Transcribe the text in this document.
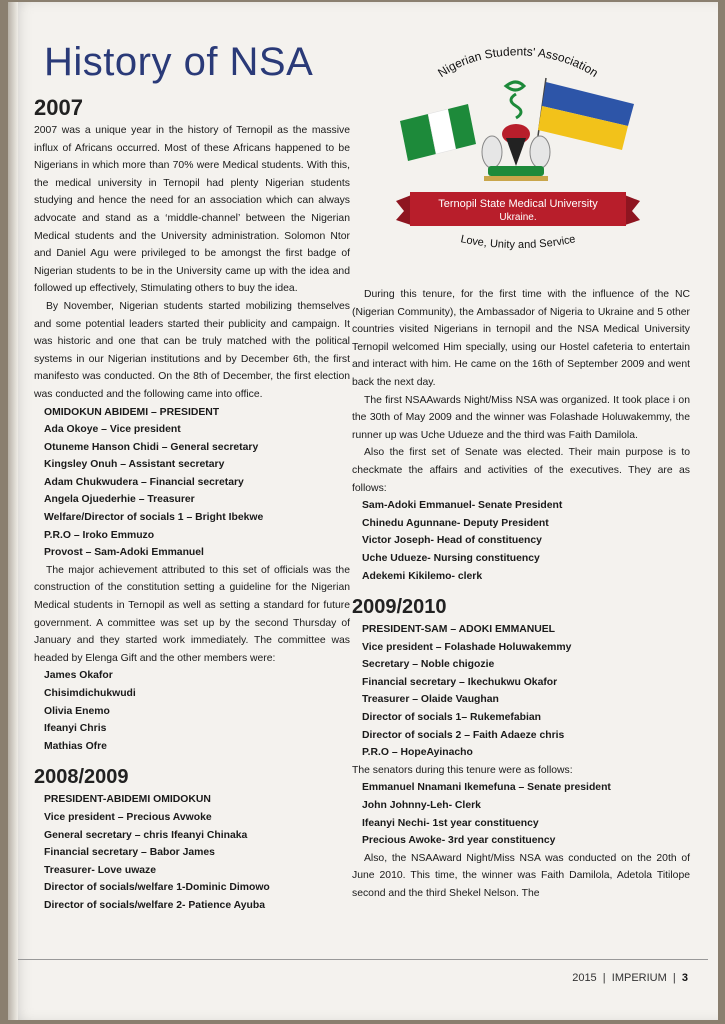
History of NSA	Nigerian Students' Association
Ternopil State Medical University
Ukraine.
Love, Unity and Service
2007

2007 was a unique year in the history of Ternopil as the massive influx of Africans occurred. Most of these Africans happened to be Nigerians in which more than 70% were Medical students. With this, the medical university in Ternopil had plenty Nigerian students studying and hence the need for an association which can always advocate and stand as a ‘middle-channel’ between the Nigerian Medical students and the University administration. Solomon Ntor and Daniel Agu were privileged to be amongst the first badge of Nigerian students to be in the University came up with the idea and followed up effectively, Stimulating others to buy the idea.

By November, Nigerian students started mobilizing themselves and some potential leaders started their publicity and campaign. It was historic and one that can be truly matched with the political systems in our Nigerian institutions and by December 6th, the first manifesto was conducted. On the 8th of December, the first election was conducted and the following came into office.

OMIDOKUN ABIDEMI – PRESIDENT
Ada Okoye – Vice president
Otuneme Hanson Chidi – General secretary
Kingsley Onuh – Assistant secretary
Adam Chukwudera – Financial secretary
Angela Ojuederhie – Treasurer
Welfare/Director of socials 1 – Bright Ibekwe
P.R.O – Iroko Emmuzo
Provost – Sam-Adoki Emmanuel

The major achievement attributed to this set of officials was the construction of the constitution setting a guideline for the Nigerian Medical students in Ternopil as well as setting a standard for future government. A committee was set up by the second Thursday of January and they started work immediately. The committee was headed by Elenga Gift and the other members were:

James Okafor
Chisimdichukwudi
Olivia Enemo
Ifeanyi Chris
Mathias Ofre
2008/2009
PRESIDENT-ABIDEMI OMIDOKUN
Vice president – Precious Avwoke
General secretary – chris Ifeanyi Chinaka
Financial secretary – Babor James
Treasurer- Love uwaze
Director of socials/welfare 1-Dominic Dimowo
Director of socials/welfare 2- Patience Ayuba

During this tenure, for the first time with the influence of the NC (Nigerian Community), the Ambassador of Nigeria to Ukraine and 5 other countries visited Nigerians in ternopil and the NSA Medical University Ternopil welcomed Him specially, using our Hostel cafeteria to entertain and interact with him. He came on the 16th of September 2009 and went back the next day.

The first NSAAwards Night/Miss NSA was organized. It took place i on the 30th of May 2009 and the winner was Folashade Holuwakemmy, the runner up was Uche Udueze and the third was Faith Damilola.

Also the first set of Senate was elected. Their main purpose is to checkmate the affairs and activities of the executives. They are as follows:

Sam-Adoki Emmanuel- Senate President
Chinedu Agunnane- Deputy President
Victor Joseph- Head of constituency
Uche Udueze- Nursing constituency
Adekemi Kikilemo- clerk
2009/2010
PRESIDENT-SAM – ADOKI EMMANUEL
Vice president – Folashade Holuwakemmy
Secretary – Noble chigozie
Financial secretary – Ikechukwu Okafor
Treasurer – Olaide Vaughan
Director of socials 1– Rukemefabian
Director of socials 2 – Faith Adaeze chris
P.R.O – HopeAyinacho

The senators during this tenure were as follows:

Emmanuel Nnamani Ikemefuna – Senate president
John Johnny-Leh- Clerk
Ifeanyi Nechi- 1st year constituency
Precious Awoke- 3rd year constituency

Also, the NSAAward Night/Miss NSA was conducted on the 20th of June 2010. This time, the winner was Faith Damilola, Adetola Titilope second and the third Shekel Nelson. The

2015  |  IMPERIUM  |  3
